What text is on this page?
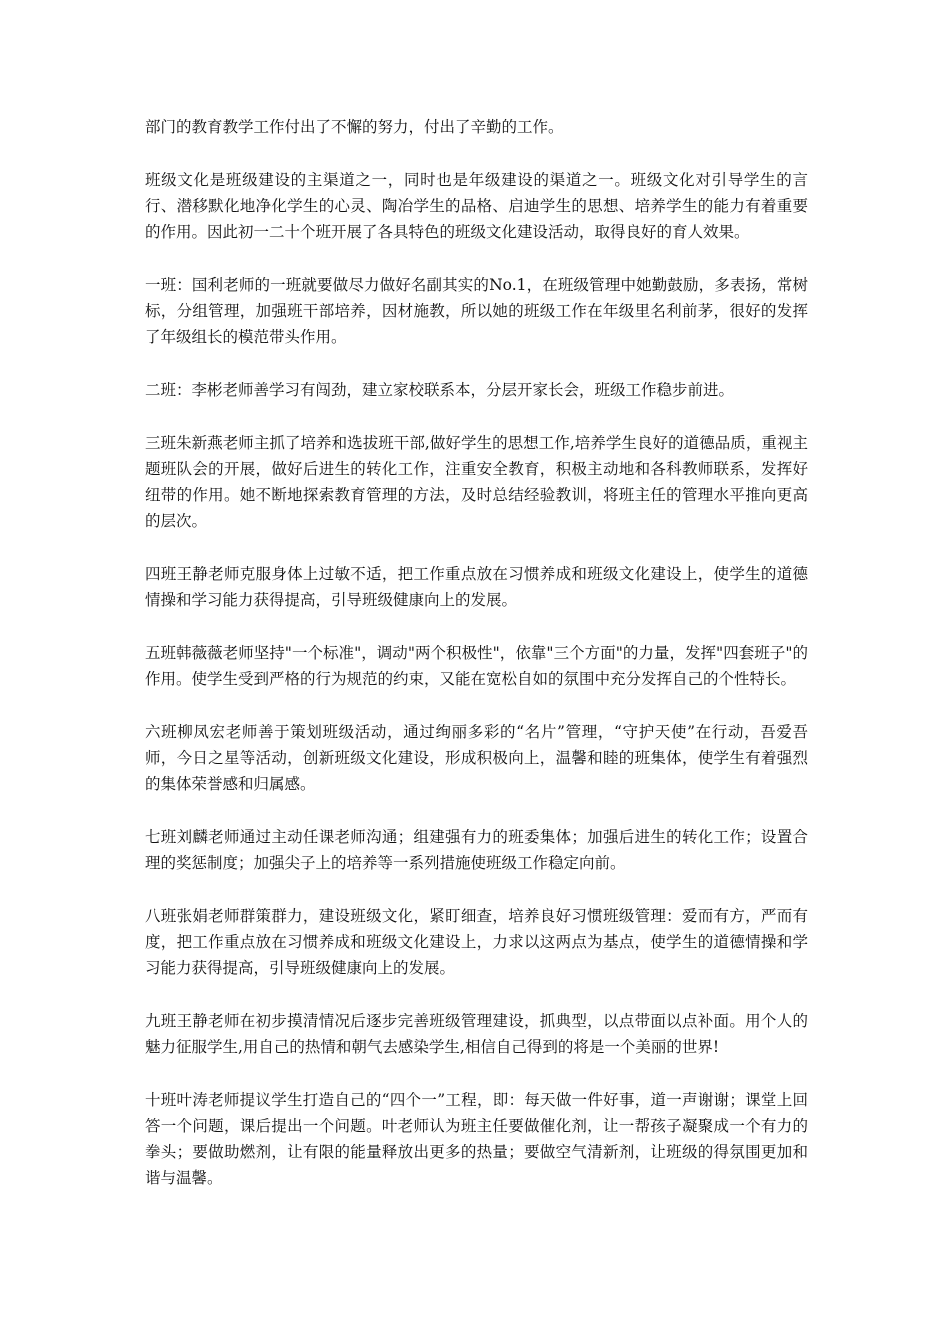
部门的教育教学工作付出了不懈的努力，付出了辛勤的工作。

班级文化是班级建设的主渠道之一，同时也是年级建设的渠道之一。班级文化对引导学生的言行、潜移默化地净化学生的心灵、陶冶学生的品格、启迪学生的思想、培养学生的能力有着重要的作用。因此初一二十个班开展了各具特色的班级文化建设活动，取得良好的育人效果。

一班：国利老师的一班就要做尽力做好名副其实的No.1，在班级管理中她勤鼓励，多表扬，常树标，分组管理，加强班干部培养，因材施教，所以她的班级工作在年级里名利前茅，很好的发挥了年级组长的模范带头作用。

二班：李彬老师善学习有闯劲，建立家校联系本，分层开家长会，班级工作稳步前进。

三班朱新燕老师主抓了培养和选拔班干部,做好学生的思想工作,培养学生良好的道德品质，重视主题班队会的开展，做好后进生的转化工作，注重安全教育，积极主动地和各科教师联系，发挥好纽带的作用。她不断地探索教育管理的方法，及时总结经验教训，将班主任的管理水平推向更高的层次。

四班王静老师克服身体上过敏不适，把工作重点放在习惯养成和班级文化建设上，使学生的道德情操和学习能力获得提高，引导班级健康向上的发展。

五班韩薇薇老师坚持"一个标准"，调动"两个积极性"，依靠"三个方面"的力量，发挥"四套班子"的作用。使学生受到严格的行为规范的约束，又能在宽松自如的氛围中充分发挥自己的个性特长。

六班柳凤宏老师善于策划班级活动，通过绚丽多彩的“名片”管理，“守护天使”在行动，吾爱吾师，今日之星等活动，创新班级文化建设，形成积极向上，温馨和睦的班集体，使学生有着强烈的集体荣誉感和归属感。

七班刘麟老师通过主动任课老师沟通；组建强有力的班委集体；加强后进生的转化工作；设置合理的奖惩制度；加强尖子上的培养等一系列措施使班级工作稳定向前。

八班张娟老师群策群力，建设班级文化，紧盯细查，培养良好习惯班级管理：爱而有方，严而有度，把工作重点放在习惯养成和班级文化建设上，力求以这两点为基点，使学生的道德情操和学习能力获得提高，引导班级健康向上的发展。

九班王静老师在初步摸清情况后逐步完善班级管理建设，抓典型，以点带面以点补面。用个人的魅力征服学生,用自己的热情和朝气去感染学生,相信自己得到的将是一个美丽的世界!

十班叶涛老师提议学生打造自己的“四个一”工程，即：每天做一件好事，道一声谢谢；课堂上回答一个问题，课后提出一个问题。叶老师认为班主任要做催化剂，让一帮孩子凝聚成一个有力的拳头；要做助燃剂，让有限的能量释放出更多的热量；要做空气清新剂，让班级的得氛围更加和谐与温馨。
